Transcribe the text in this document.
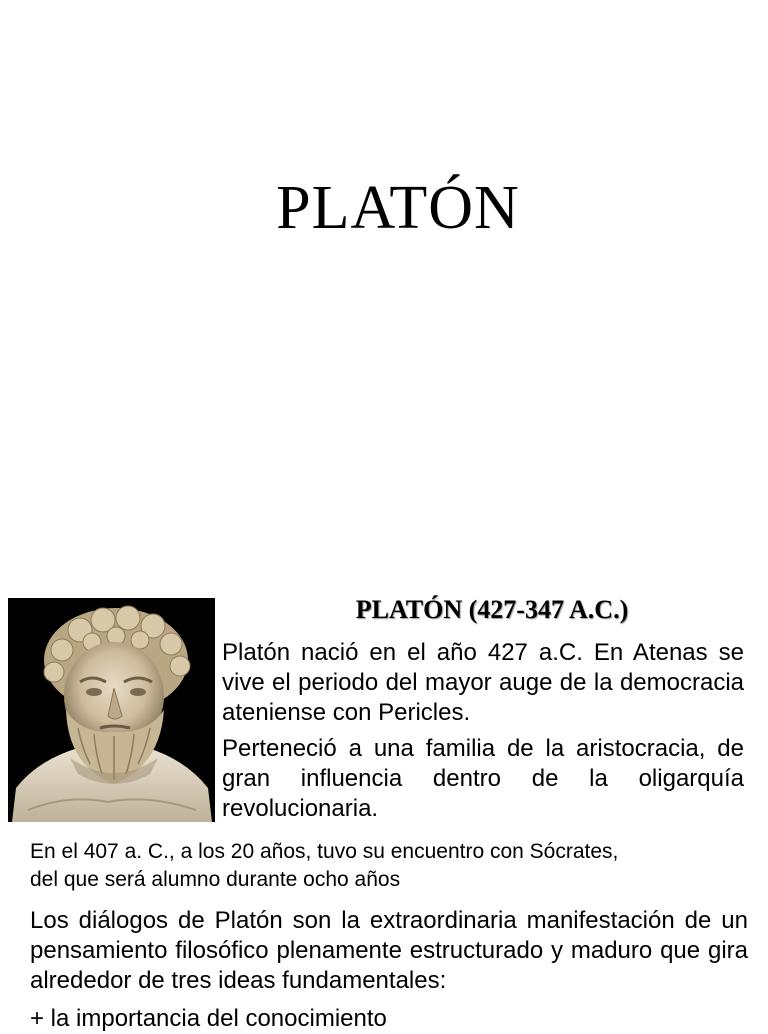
PLATÓN
PLATÓN (427-347 A.C.)

Platón nació en el año 427 a.C. En Atenas se vive el periodo del mayor auge de la democracia ateniense con Pericles.

Perteneció a una familia de la aristocracia, de gran influencia dentro de la oligarquía revolucionaria.

En el 407 a. C., a los 20 años, tuvo su encuentro con Sócrates,
del que será alumno durante ocho años

Los diálogos de Platón son la extraordinaria manifestación de un pensamiento filosófico plenamente estructurado y maduro que gira alrededor de tres ideas fundamentales:

+ la importancia del conocimiento
